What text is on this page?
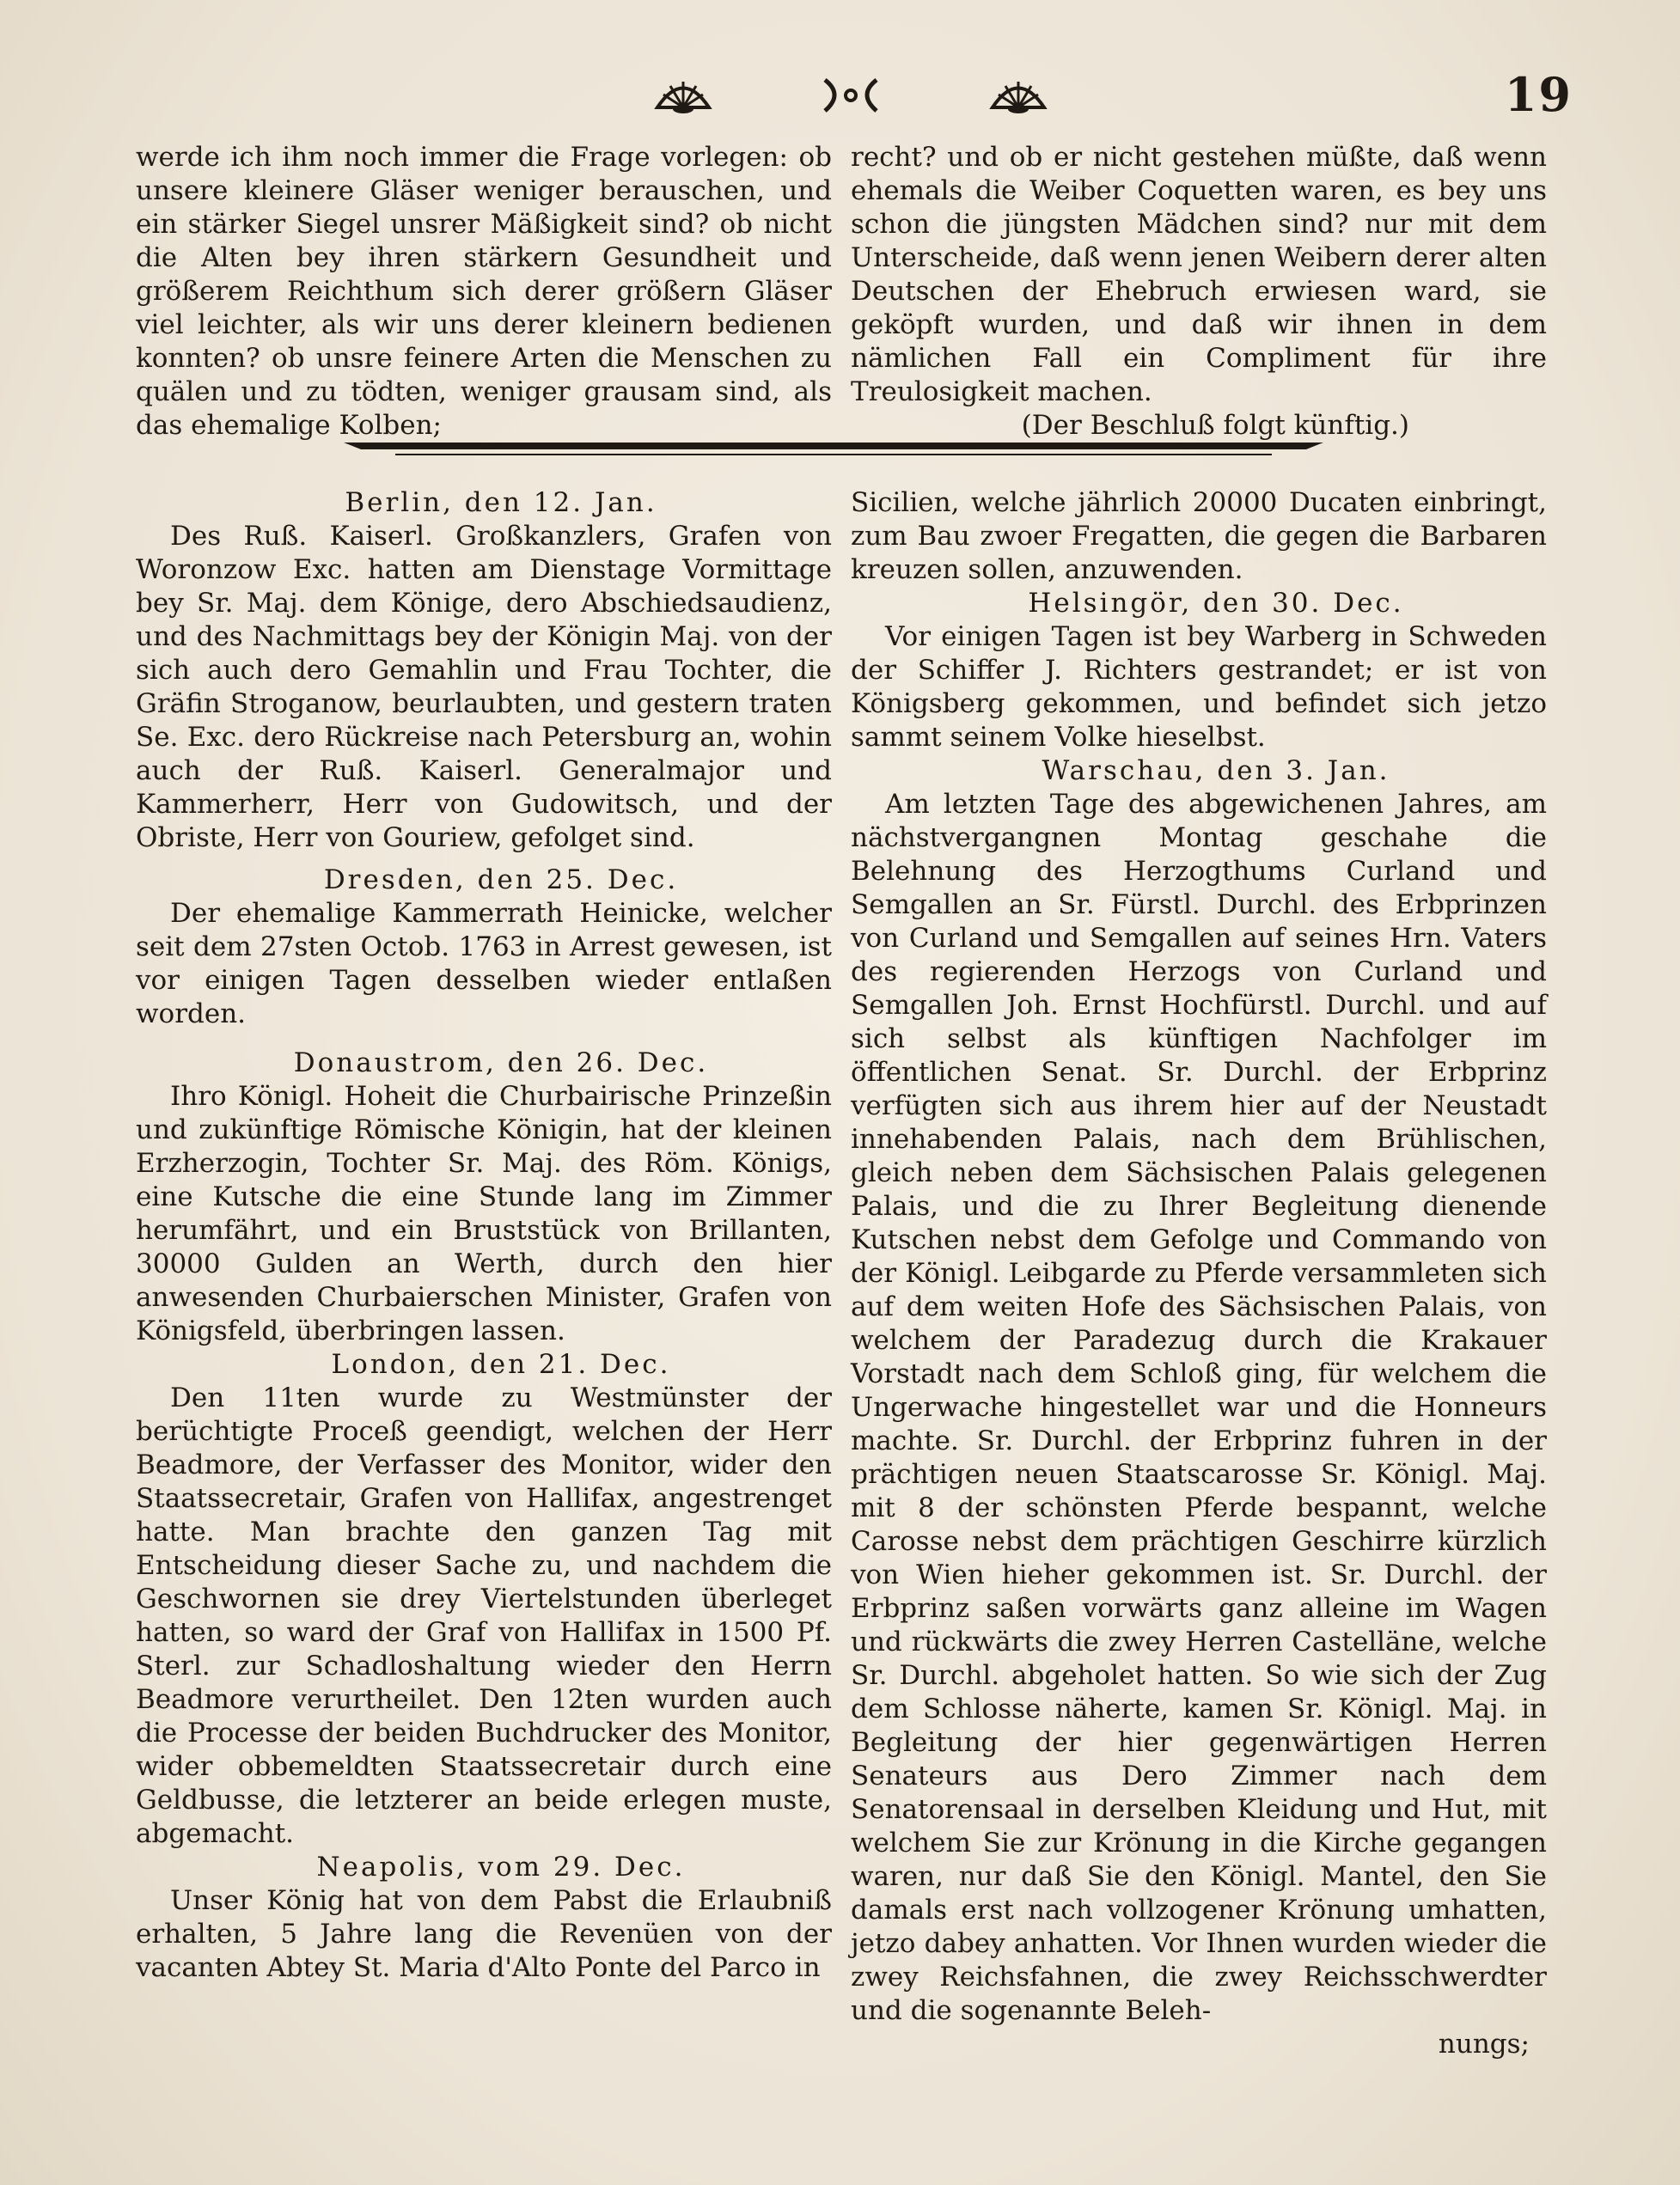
19

werde ich ihm noch immer die Frage vorlegen: ob unsere kleinere Gläser weniger berauschen, und ein stärker Siegel unsrer Mäßigkeit sind? ob nicht die Alten bey ihren stärkern Gesundheit und größerem Reichthum sich derer größern Gläser viel leichter, als wir uns derer kleinern bedienen konnten? ob unsre feinere Arten die Menschen zu quälen und zu tödten, weniger grausam sind, als das ehemalige Kolben;

recht? und ob er nicht gestehen müßte, daß wenn ehemals die Weiber Coquetten waren, es bey uns schon die jüngsten Mädchen sind? nur mit dem Unterscheide, daß wenn jenen Weibern derer alten Deutschen der Ehebruch erwiesen ward, sie geköpft wurden, und daß wir ihnen in dem nämlichen Fall ein Compliment für ihre Treulosigkeit machen.

(Der Beschluß folgt künftig.)

Berlin, den 12. Jan.

Des Ruß. Kaiserl. Großkanzlers, Grafen von Woronzow Exc. hatten am Dienstage Vormittage bey Sr. Maj. dem Könige, dero Abschiedsaudienz, und des Nachmittags bey der Königin Maj. von der sich auch dero Gemahlin und Frau Tochter, die Gräfin Stroganow, beurlaubten, und gestern traten Se. Exc. dero Rückreise nach Petersburg an, wohin auch der Ruß. Kaiserl. Generalmajor und Kammerherr, Herr von Gudowitsch, und der Obriste, Herr von Gouriew, gefolget sind.

Dresden, den 25. Dec.

Der ehemalige Kammerrath Heinicke, welcher seit dem 27sten Octob. 1763 in Arrest gewesen, ist vor einigen Tagen desselben wieder entlaßen worden.

Donaustrom, den 26. Dec.

Ihro Königl. Hoheit die Churbairische Prinzeßin und zukünftige Römische Königin, hat der kleinen Erzherzogin, Tochter Sr. Maj. des Röm. Königs, eine Kutsche die eine Stunde lang im Zimmer herumfährt, und ein Bruststück von Brillanten, 30000 Gulden an Werth, durch den hier anwesenden Churbaierschen Minister, Grafen von Königsfeld, überbringen lassen.

London, den 21. Dec.

Den 11ten wurde zu Westmünster der berüchtigte Proceß geendigt, welchen der Herr Beadmore, der Verfasser des Monitor, wider den Staatssecretair, Grafen von Hallifax, angestrenget hatte. Man brachte den ganzen Tag mit Entscheidung dieser Sache zu, und nachdem die Geschwornen sie drey Viertelstunden überleget hatten, so ward der Graf von Hallifax in 1500 Pf. Sterl. zur Schadloshaltung wieder den Herrn Beadmore verurtheilet. Den 12ten wurden auch die Processe der beiden Buchdrucker des Monitor, wider obbemeldten Staatssecretair durch eine Geldbusse, die letzterer an beide erlegen muste, abgemacht.

Neapolis, vom 29. Dec.

Unser König hat von dem Pabst die Erlaubniß erhalten, 5 Jahre lang die Revenüen von der vacanten Abtey St. Maria d'Alto Ponte del Parco in

Sicilien, welche jährlich 20000 Ducaten einbringt, zum Bau zwoer Fregatten, die gegen die Barbaren kreuzen sollen, anzuwenden.

Helsingör, den 30. Dec.

Vor einigen Tagen ist bey Warberg in Schweden der Schiffer J. Richters gestrandet; er ist von Königsberg gekommen, und befindet sich jetzo sammt seinem Volke hieselbst.

Warschau, den 3. Jan.

Am letzten Tage des abgewichenen Jahres, am nächstvergangnen Montag geschahe die Belehnung des Herzogthums Curland und Semgallen an Sr. Fürstl. Durchl. des Erbprinzen von Curland und Semgallen auf seines Hrn. Vaters des regierenden Herzogs von Curland und Semgallen Joh. Ernst Hochfürstl. Durchl. und auf sich selbst als künftigen Nachfolger im öffentlichen Senat. Sr. Durchl. der Erbprinz verfügten sich aus ihrem hier auf der Neustadt innehabenden Palais, nach dem Brühlischen, gleich neben dem Sächsischen Palais gelegenen Palais, und die zu Ihrer Begleitung dienende Kutschen nebst dem Gefolge und Commando von der Königl. Leibgarde zu Pferde versammleten sich auf dem weiten Hofe des Sächsischen Palais, von welchem der Paradezug durch die Krakauer Vorstadt nach dem Schloß ging, für welchem die Ungerwache hingestellet war und die Honneurs machte. Sr. Durchl. der Erbprinz fuhren in der prächtigen neuen Staatscarosse Sr. Königl. Maj. mit 8 der schönsten Pferde bespannt, welche Carosse nebst dem prächtigen Geschirre kürzlich von Wien hieher gekommen ist. Sr. Durchl. der Erbprinz saßen vorwärts ganz alleine im Wagen und rückwärts die zwey Herren Castelläne, welche Sr. Durchl. abgeholet hatten. So wie sich der Zug dem Schlosse näherte, kamen Sr. Königl. Maj. in Begleitung der hier gegenwärtigen Herren Senateurs aus Dero Zimmer nach dem Senatorensaal in derselben Kleidung und Hut, mit welchem Sie zur Krönung in die Kirche gegangen waren, nur daß Sie den Königl. Mantel, den Sie damals erst nach vollzogener Krönung umhatten, jetzo dabey anhatten. Vor Ihnen wurden wieder die zwey Reichsfahnen, die zwey Reichsschwerdter und die sogenannte Beleh-

nungs;
